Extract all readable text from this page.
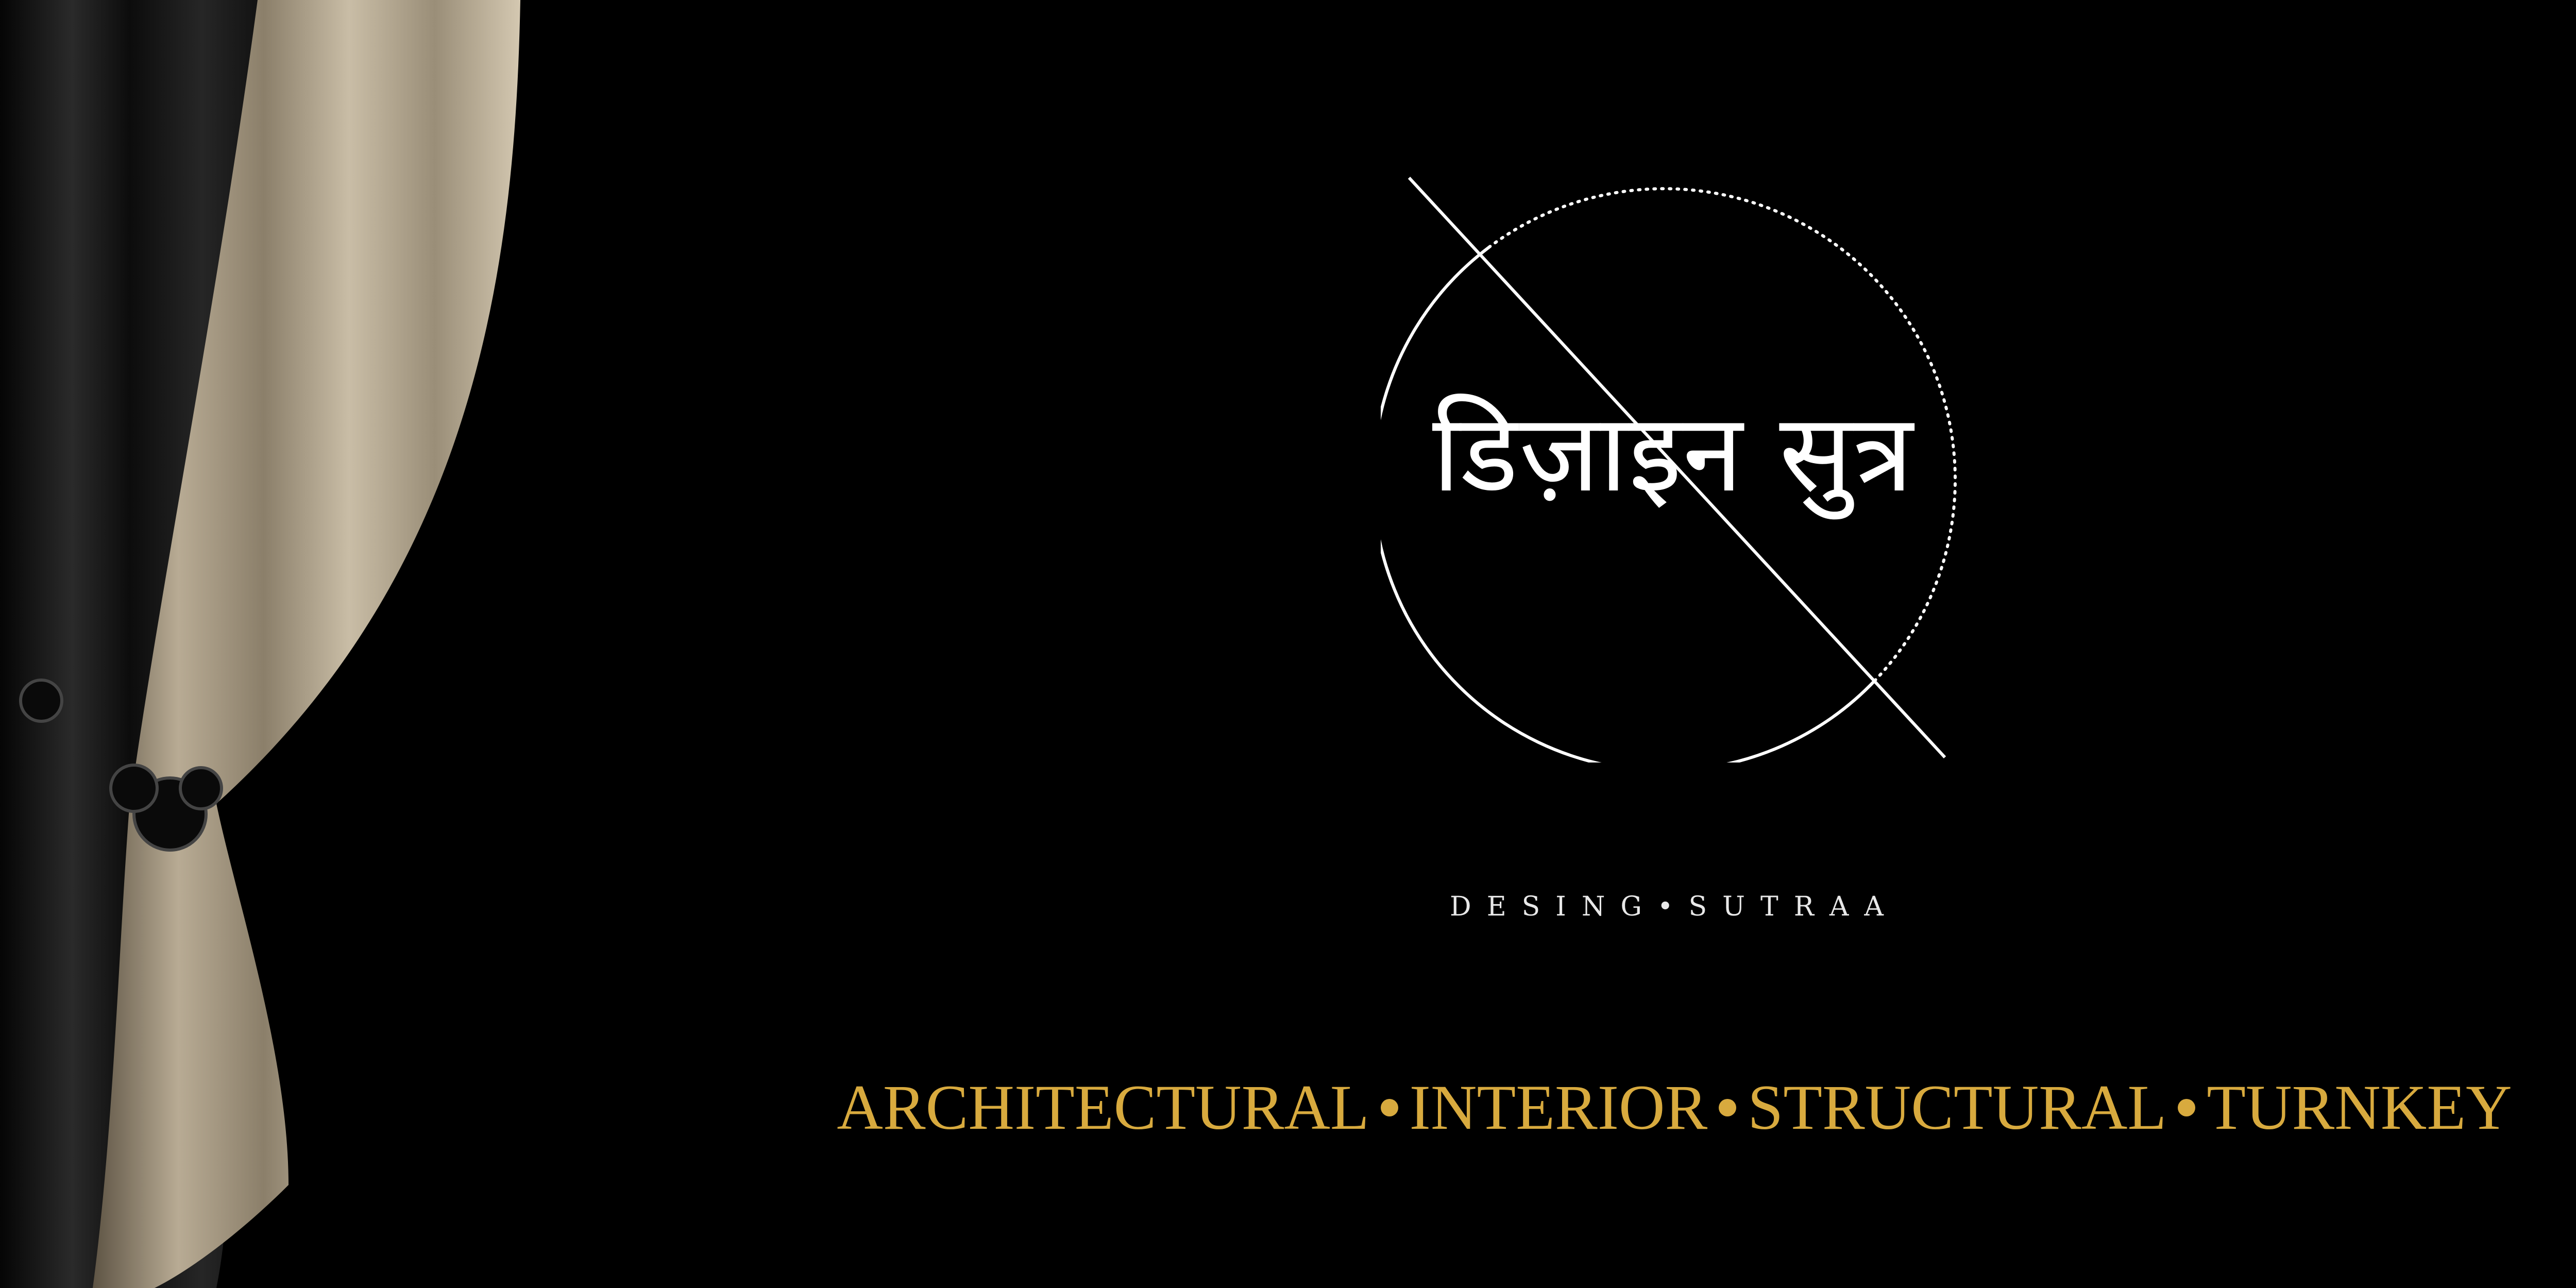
डिज़ाइन सुत्र

DESING•SUTRAA

ARCHITECTURAL INTERIOR STRUCTURAL TURNKEY
